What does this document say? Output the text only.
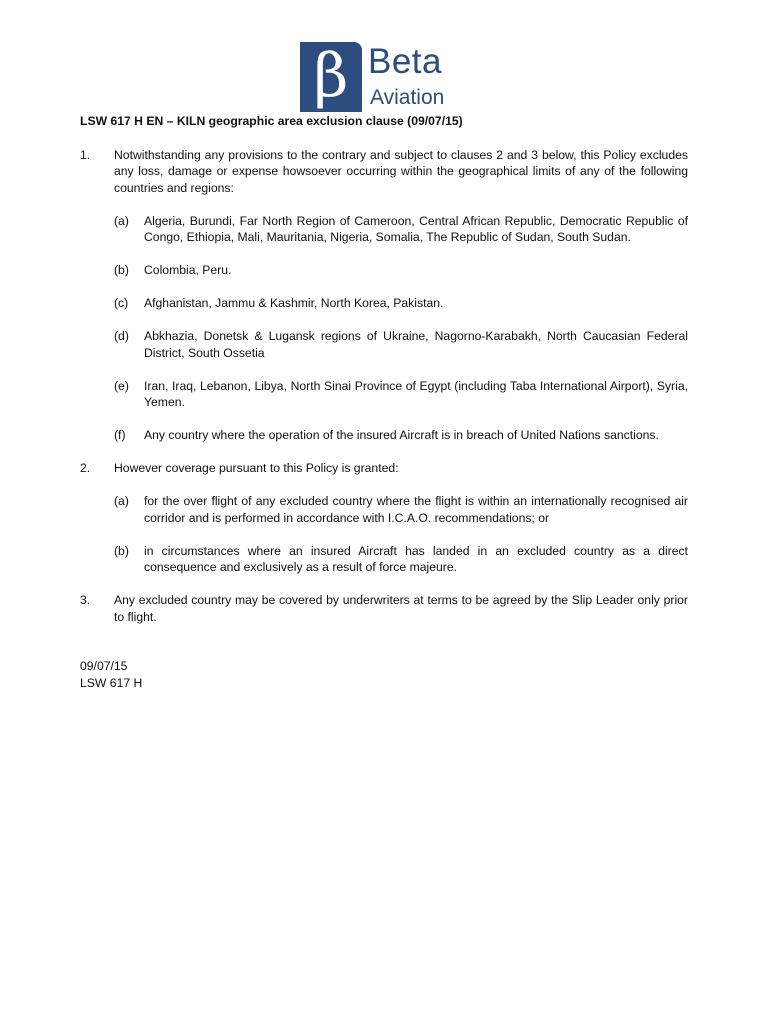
β Beta
Aviation
LSW 617 H EN – KILN geographic area exclusion clause (09/07/15)
1. Notwithstanding any provisions to the contrary and subject to clauses 2 and 3 below, this Policy excludes any loss, damage or expense howsoever occurring within the geographical limits of any of the following countries and regions:
(a) Algeria, Burundi, Far North Region of Cameroon, Central African Republic, Democratic Republic of Congo, Ethiopia, Mali, Mauritania, Nigeria, Somalia, The Republic of Sudan, South Sudan.
(b) Colombia, Peru.
(c) Afghanistan, Jammu & Kashmir, North Korea, Pakistan.
(d) Abkhazia, Donetsk & Lugansk regions of Ukraine, Nagorno-Karabakh, North Caucasian Federal District, South Ossetia
(e) Iran, Iraq, Lebanon, Libya, North Sinai Province of Egypt (including Taba International Airport), Syria, Yemen.
(f) Any country where the operation of the insured Aircraft is in breach of United Nations sanctions.
2. However coverage pursuant to this Policy is granted:
(a) for the over flight of any excluded country where the flight is within an internationally recognised air corridor and is performed in accordance with I.C.A.O. recommendations; or
(b) in circumstances where an insured Aircraft has landed in an excluded country as a direct consequence and exclusively as a result of force majeure.
3. Any excluded country may be covered by underwriters at terms to be agreed by the Slip Leader only prior to flight.
09/07/15
LSW 617 H
